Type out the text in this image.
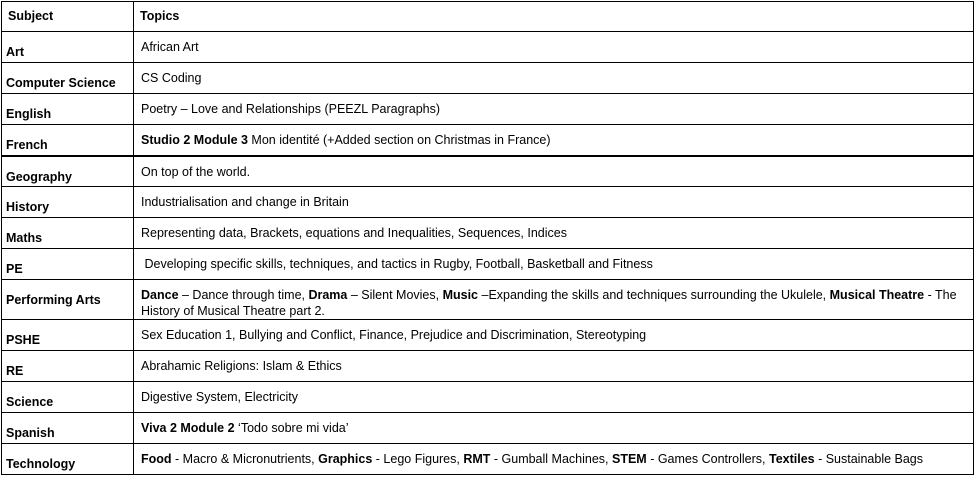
Subject	Topics
Art	African Art
Computer Science	CS Coding
English	Poetry – Love and Relationships (PEEZL Paragraphs)
French	Studio 2 Module 3 Mon identité (+Added section on Christmas in France)
Geography	On top of the world.
History	Industrialisation and change in Britain
Maths	Representing data, Brackets, equations and Inequalities, Sequences, Indices
PE	Developing specific skills, techniques, and tactics in Rugby, Football, Basketball and Fitness
Performing Arts	Dance – Dance through time, Drama – Silent Movies, Music –Expanding the skills and techniques surrounding the Ukulele, Musical Theatre - The History of Musical Theatre part 2.
PSHE	Sex Education 1, Bullying and Conflict, Finance, Prejudice and Discrimination, Stereotyping
RE	Abrahamic Religions: Islam & Ethics
Science	Digestive System, Electricity
Spanish	Viva 2 Module 2 ‘Todo sobre mi vida’
Technology	Food - Macro & Micronutrients, Graphics - Lego Figures, RMT - Gumball Machines, STEM - Games Controllers, Textiles - Sustainable Bags
